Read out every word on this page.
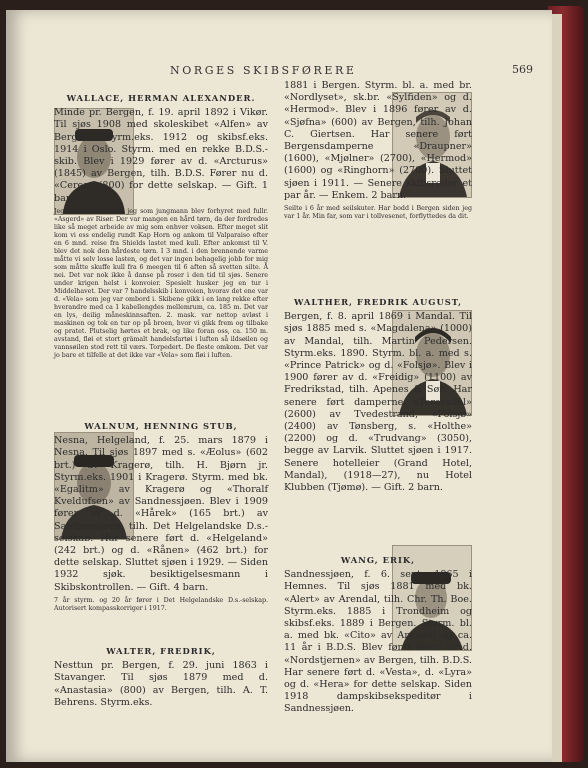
NORGES SKIBSFØRERE	569
WALLACE, HERMAN ALEXANDER.

Minde pr. Bergen, f. 19. april 1892 i Vikør. Til sjøs 1908 med skoleskibet «Alfen» av Bergen. Styrm.eks. 1912 og skibsf.eks. 1914 i Oslo. Styrm. med en rekke B.D.S.-skib. Blev i 1929 fører av d. «Arcturus» (1845) av Bergen, tilh. B.D.S. Fører nu d. «Ceres» (800) for dette selskap. — Gift. 1 barn.

Jeg var kun 16 år da jeg som jungmann blev forhyret med fullr. «Asgerd» av Risør. Der var mangen en hård tørn, da der fordredes like så meget arbeide av mig som enhver voksen. Efter meget slit kom vi ess endelig rundt Kap Horn og ankom til Valparaiso efter en 6 mnd. reise fra Shields lastet med kull. Efter ankomst til V. blev det nok den hårdeste tørn. I 3 mnd. i den brennende varme måtte vi selv losse lasten, og det var ingen behagelig jobb for mig som måtte skuffe kull fra 6 meegen til 6 aften så svetten silte. Å nei. Det var nok ikke å danse på roser i den tid til sjøs. Senere under krigen helst i konvoier. Spesielt husker jeg en tur i Middelhavet. Der var 7 handelsskib i konvoien, hvorav det ene var d. «Vela» som jeg var ombord i. Skibene gikk i en lang rekke efter hverandre med ca 1 kabellengdes mellemrum, ca. 185 m. Det var en lys, deilig måneskinnsaften. 2. mask. var nettop avløst i maskinen og tok en tur op på broen, hvor vi gikk frem og tilbake og pratet. Plutselig hørtes et brak, og like foran oss, ca. 150 m. avstand, fløi et stort grämalt handelsfartøi i luften så ildsøilen og vannsøilen stod rett til værs. Torpedert. De fleste omkom. Det var jo bare et tilfelle at det ikke var «Vela» som fløi i luften.

WALNUM, HENNING STUB,

Nesna, Helgeland, f. 25. mars 1879 i Nesna. Til sjøs 1897 med s. «Æolus» (602 brt.) av Kragerø, tilh. H. Bjørn jr. Styrm.eks. 1901 i Kragerø. Styrm. med bk. «Egalitm» av Kragerø og «Thoralf Kveldufsen» av Sandnessjøen. Blev i 1909 fører av d. «Hårek» (165 brt.) av Sandnessjøen, tilh. Det Helgelandske D.s.-selskab. Har senere ført d. «Helgeland» (242 brt.) og d. «Rånen» (462 brt.) for dette selskap. Sluttet sjøen i 1929. — Siden 1932 sjøk. besiktigelsesmann i Skibskontrollen. — Gift. 4 barn.

7 år styrm. og 20 år fører i Det Helgelandske D.s.-selskap. Autorisert kompasskorriger i 1917.

WALTER, FREDRIK,

Nesttun pr. Bergen, f. 29. juni 1863 i Stavanger. Til sjøs 1879 med d. «Anastasia» (800) av Bergen, tilh. A. T. Behrens. Styrm.eks.

1881 i Bergen. Styrm. bl. a. med br. «Nordlyset», sk.br. «Sylfiden» og d. «Hermod». Blev i 1896 fører av d. «Sjøfna» (600) av Bergen, tilh. Johan C. Giertsen. Har senere ført Bergensdamperne «Draupner» (1600), «Mjølner» (2700), «Hermod» (1600) og «Ringhorn» (2700). Sluttet sjøen i 1911. — Senere skibsreder et par år. — Enkem. 2 barn.

Seilte i 6 år med seilskuter. Har bodd i Bergen siden jeg var 1 år. Min far, som var i tollvesenet, forflyttedes da dit.

WALTHER, FREDRIK AUGUST,

Bergen, f. 8. april 1869 i Mandal. Til sjøs 1885 med s. «Magdalena» (1000) av Mandal, tilh. Martin Pedersen. Styrm.eks. 1890. Styrm. bl. a. med s. «Prince Patrick» og d. «Folsjø». Blev i 1900 fører av d. «Freidig» (1100) av Fredrikstad, tilh. Apenes & Søn. Har senere ført damperne «Teresedal» (2600) av Tvedestrand, «Folsjø» (2400) av Tønsberg, s. «Holthe» (2200) og d. «Trudvang» (3050), begge av Larvik. Sluttet sjøen i 1917. Senere hotelleier (Grand Hotel, Mandal), (1918—27), nu Hotel Klubben (Tjømø). — Gift. 2 barn.

WANG, ERIK,

Sandnessjøen, f. 6. sept. 1865 i Hemnes. Til sjøs 1881 med bk. «Alert» av Arendal, tilh. Chr. Th. Boe. Styrm.eks. 1885 i Trondheim og skibsf.eks. 1889 i Bergen. Styrm. bl. a. med bk. «Cito» av Arendal og ca. 11 år i B.D.S. Blev først fører av d. «Nordstjernen» av Bergen, tilh. B.D.S. Har senere ført d. «Vesta», d. «Lyra» og d. «Hera» for dette selskap. Siden 1918 dampskibsekspeditør i Sandnessjøen.
